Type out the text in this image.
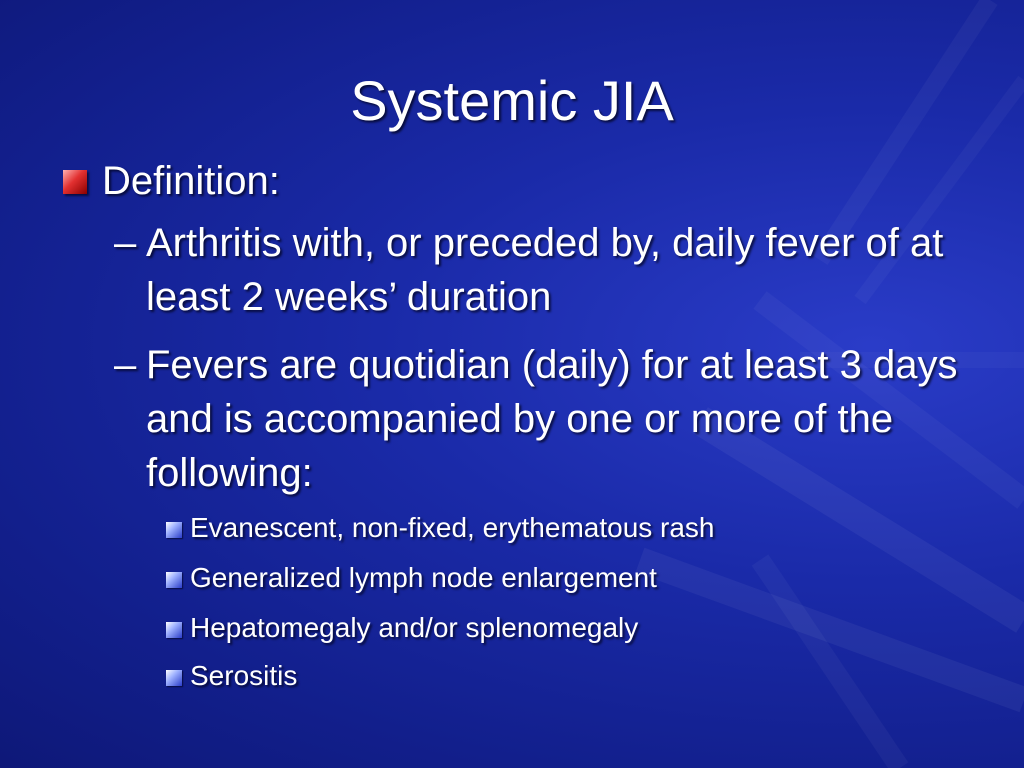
Systemic JIA
Definition:
– Arthritis with, or preceded by, daily fever of at least 2 weeks’ duration
– Fevers are quotidian (daily) for at least 3 days and is accompanied by one or more of the following:
Evanescent, non-fixed, erythematous rash
Generalized lymph node enlargement
Hepatomegaly and/or splenomegaly
Serositis
